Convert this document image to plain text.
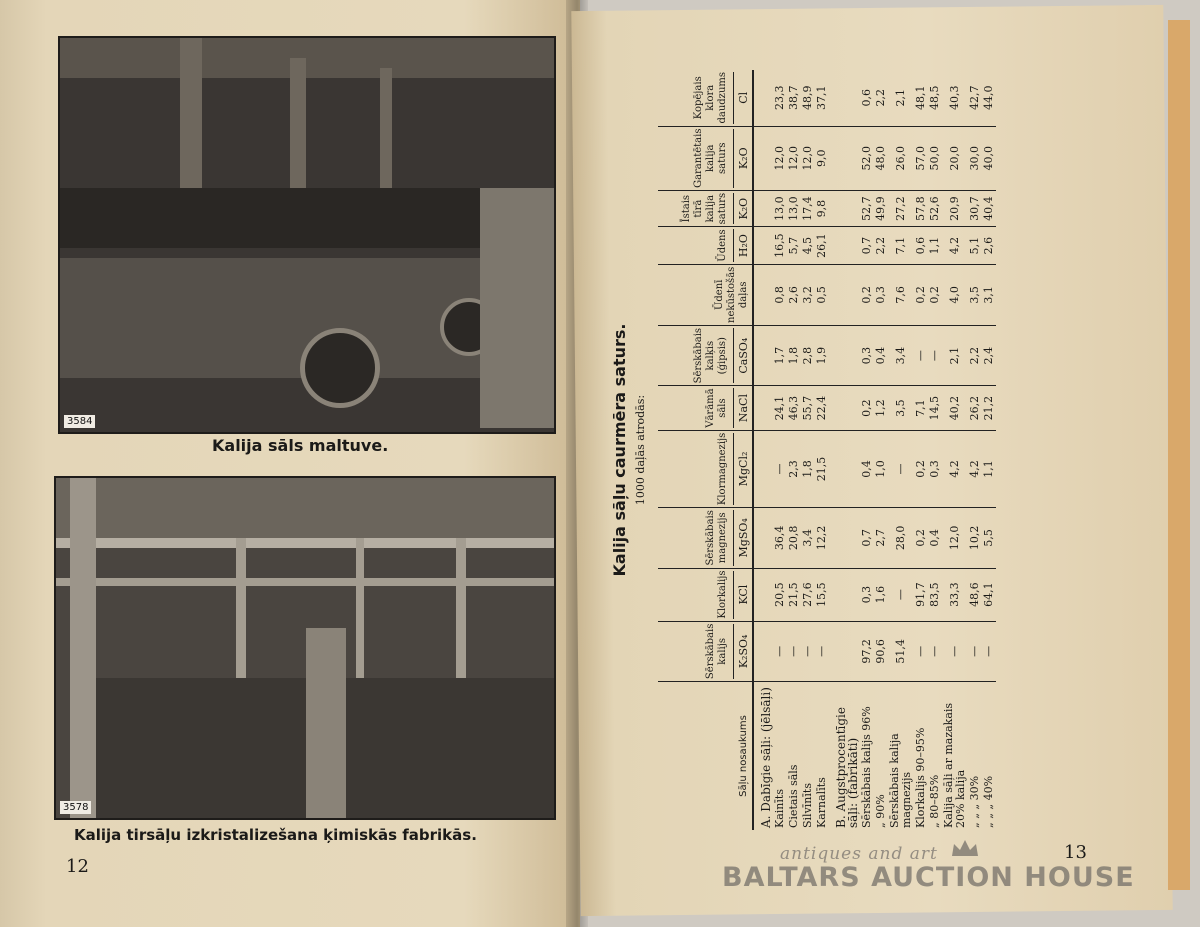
3584
Kalija sāls maltuve.
3578
Kalija tirsāļu izkristalizešana ķimiskās fabrikās.
12
Kalija sāļu caurmēra saturs. 1000 daļās atrodās:
Sāļu nosaukums	Sērskābais kalijs K₂SO₄	Klorkalijs KCl	Sērskābais magnezijs MgSO₄	Klormagnezijs MgCl₂	Vārāmā sāls NaCl	Sērskābais kalķis (ģipsis) CaSO₄	Ūdenī nekūstošās daļas	Ūdens H₂O	Īstais tīrā kalija saturs K₂O	Garantētais kalija saturs K₂O	Kopējais klora daudzums Cl

A. Dabīgie sāļi: (jēlsāļi)											
Kainīts	—	20,5	36,4	—	24,1	1,7	0,8	16,5	13,0	12,0	23,3
Cietais sāls	—	21,5	20,8	2,3	46,3	1,8	2,6	5,7	13,0	12,0	38,7
Silvīnīts	—	27,6	3,4	1,8	55,7	2,8	3,2	4,5	17,4	12,0	48,9
Karnalīts	—	15,5	12,2	21,5	22,4	1,9	0,5	26,1	9,8	9,0	37,1
B. Augstprocentīgie sāļi: (fabrikāti)											
Sērskābais kalijs 96%	97,2	0,3	0,7	0,4	0,2	0,3	0,2	0,7	52,7	52,0	0,6
„ 90%	90,6	1,6	2,7	1,0	1,2	0,4	0,3	2,2	49,9	48,0	2,2
Sērskābais kalija magnezijs	51,4	—	28,0	—	3,5	3,4	7,6	7,1	27,2	26,0	2,1
Klorkalijs 90–95%	—	91,7	0,2	0,2	7,1	—	0,2	0,6	57,8	57,0	48,1
„ 80–85%	—	83,5	0,4	0,3	14,5	—	0,2	1,1	52,6	50,0	48,5
Kalija sāļi ar mazakais 20% kalija	—	33,3	12,0	4,2	40,2	2,1	4,0	4,2	20,9	20,0	40,3
„ „ „ 30%	—	48,6	10,2	4,2	26,2	2,2	3,5	5,1	30,7	30,0	42,7
„ „ „ 40%	—	64,1	5,5	1,1	21,2	2,4	3,1	2,6	40,4	40,0	44,0
13
antiques and art
BALTARS AUCTION HOUSE
